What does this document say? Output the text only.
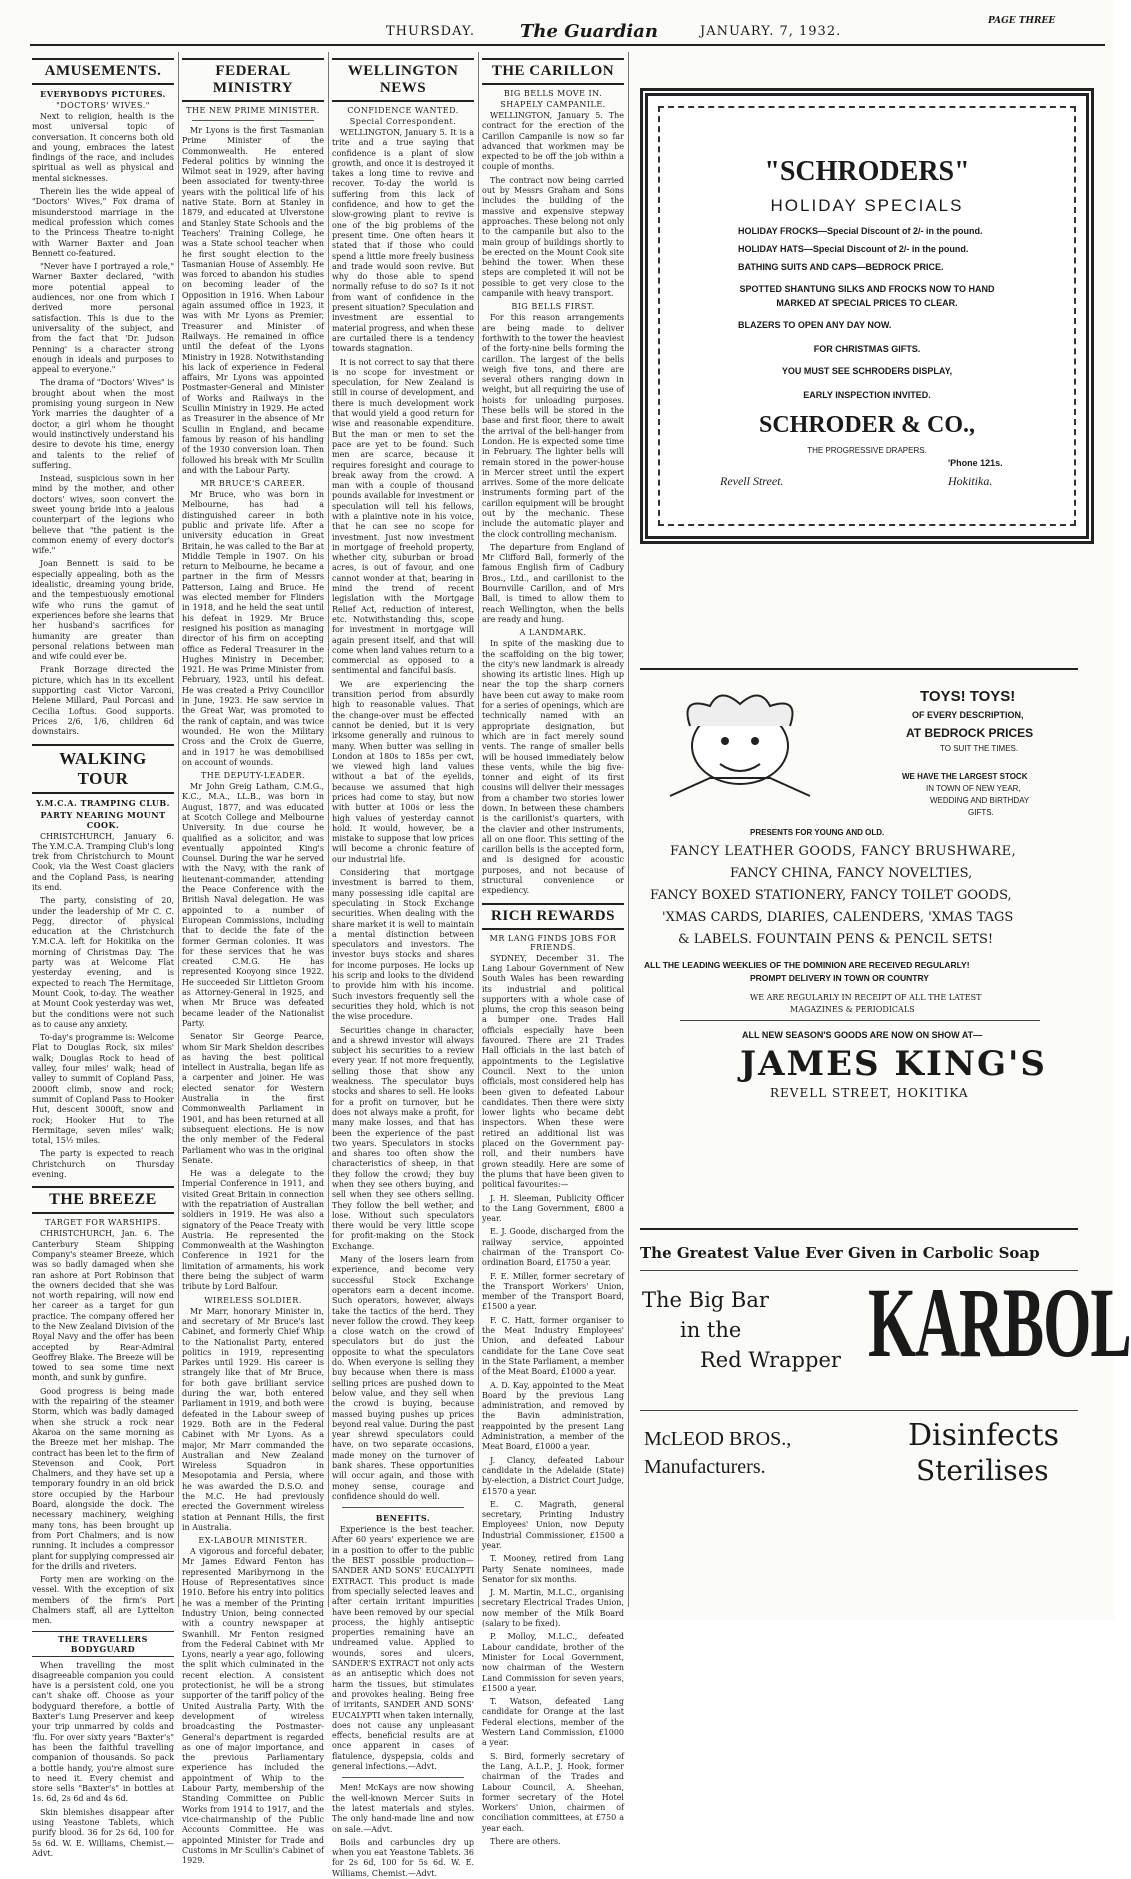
THURSDAY.	The Guardian	JANUARY. 7, 1932.
PAGE THREE
AMUSEMENTS.
EVERYBODYS PICTURES.
"DOCTORS' WIVES."

Next to religion, health is the most universal topic of conversation. It concerns both old and young, embraces the latest findings of the race, and includes spiritual as well as physical and mental sicknesses.

Therein lies the wide appeal of "Doctors' Wives," Fox drama of misunderstood marriage in the medical profession which comes to the Princess Theatre to-night with Warner Baxter and Joan Bennett co-featured.

"Never have I portrayed a role," Warner Baxter declared, "with more potential appeal to audiences, nor one from which I derived more personal satisfaction. This is due to the universality of the subject, and from the fact that 'Dr. Judson Penning' is a character strong enough in ideals and purposes to appeal to everyone."

The drama of "Doctors' Wives" is brought about when the most promising young surgeon in New York marries the daughter of a doctor, a girl whom he thought would instinctively understand his desire to devote his time, energy and talents to the relief of suffering.

Instead, suspicious sown in her mind by the mother, and other doctors' wives, soon convert the sweet young bride into a jealous counterpart of the legions who believe that "the patient is the common enemy of every doctor's wife."

Joan Bennett is said to be especially appealing, both as the idealistic, dreaming young bride, and the tempestuously emotional wife who runs the gamut of experiences before she learns that her husband's sacrifices for humanity are greater than personal relations between man and wife could ever be.

Frank Borzage directed the picture, which has in its excellent supporting cast Victor Varconi, Helene Millard, Paul Porcasi and Cecilia Loftus. Good supports. Prices 2/6, 1/6, children 6d downstairs.

WALKING TOUR
Y.M.C.A. TRAMPING CLUB.
PARTY NEARING MOUNT COOK.

CHRISTCHURCH, January 6. The Y.M.C.A. Tramping Club's long trek from Christchurch to Mount Cook, via the West Coast glaciers and the Copland Pass, is nearing its end.

The party, consisting of 20, under the leadership of Mr C. C. Pegg, director of physical education at the Christchurch Y.M.C.A. left for Hokitika on the morning of Christmas Day. The party was at Welcome Flat yesterday evening, and is expected to reach The Hermitage, Mount Cook, to-day. The weather at Mount Cook yesterday was wet, but the conditions were not such as to cause any anxiety.

To-day's programme is: Welcome Flat to Douglas Rock, six miles' walk; Douglas Rock to head of valley, four miles' walk; head of valley to summit of Copland Pass, 2000ft climb, snow and rock; summit of Copland Pass to Hooker Hut, descent 3000ft, snow and rock; Hooker Hut to The Hermitage, seven miles' walk; total, 15½ miles.

The party is expected to reach Christchurch on Thursday evening.

THE BREEZE
TARGET FOR WARSHIPS.

CHRISTCHURCH, Jan. 6. The Canterbury Steam Shipping Company's steamer Breeze, which was so badly damaged when she ran ashore at Port Robinson that the owners decided that she was not worth repairing, will now end her career as a target for gun practice. The company offered her to the New Zealand Division of the Royal Navy and the offer has been accepted by Rear-Admiral Geoffrey Blake. The Breeze will be towed to sea some time next month, and sunk by gunfire.

Good progress is being made with the repairing of the steamer Storm, which was badly damaged when she struck a rock near Akaroa on the same morning as the Breeze met her mishap. The contract has been let to the firm of Stevenson and Cook, Port Chalmers, and they have set up a temporary foundry in an old brick store occupied by the Harbour Board, alongside the dock. The necessary machinery, weighing many tons, has been brought up from Port Chalmers, and is now running. It includes a compressor plant for supplying compressed air for the drills and riveters.

Forty men are working on the vessel. With the exception of six members of the firm's Port Chalmers staff, all are Lyttelton men.

THE TRAVELLERS BODYGUARD

When travelling the most disagreeable companion you could have is a persistent cold, one you can't shake off. Choose as your bodyguard therefore, a bottle of Baxter's Lung Preserver and keep your trip unmarred by colds and 'flu. For over sixty years "Baxter's" has been the faithful travelling companion of thousands. So pack a bottle handy, you're almost sure to need it. Every chemist and store sells "Baxter's" in bottles at 1s. 6d, 2s 6d and 4s 6d.

Skin blemishes disappear after using Yeastone Tablets, which purify blood. 36 for 2s 6d, 100 for 5s 6d. W. E. Williams, Chemist.—Advt.

FEDERAL MINISTRY
THE NEW PRIME MINISTER.

Mr Lyons is the first Tasmanian Prime Minister of the Commonwealth. He entered Federal politics by winning the Wilmot seat in 1929, after having been associated for twenty-three years with the political life of his native State. Born at Stanley in 1879, and educated at Ulverstone and Stanley State Schools and the Teachers' Training College, he was a State school teacher when he first sought election to the Tasmanian House of Assembly. He was forced to abandon his studies on becoming leader of the Opposition in 1916. When Labour again assumed office in 1923, it was with Mr Lyons as Premier, Treasurer and Minister of Railways. He remained in office until the defeat of the Lyons Ministry in 1928. Notwithstanding his lack of experience in Federal affairs, Mr Lyons was appointed Postmaster-General and Minister of Works and Railways in the Scullin Ministry in 1929. He acted as Treasurer in the absence of Mr Scullin in England, and became famous by reason of his handling of the 1930 conversion loan. Then followed his break with Mr Scullin and with the Labour Party.

MR BRUCE'S CAREER.

Mr Bruce, who was born in Melbourne, has had a distinguished career in both public and private life. After a university education in Great Britain, he was called to the Bar at Middle Temple in 1907. On his return to Melbourne, he became a partner in the firm of Messrs Patterson, Laing and Bruce. He was elected member for Flinders in 1918, and he held the seat until his defeat in 1929. Mr Bruce resigned his position as managing director of his firm on accepting office as Federal Treasurer in the Hughes Ministry in December, 1921. He was Prime Minister from February, 1923, until his defeat. He was created a Privy Councillor in June, 1923. He saw service in the Great War, was promoted to the rank of captain, and was twice wounded. He won the Military Cross and the Croix de Guerre, and in 1917 he was demobilised on account of wounds.

THE DEPUTY-LEADER.

Mr John Greig Latham, C.M.G., K.C., M.A., LL.B., was born in August, 1877, and was educated at Scotch College and Melbourne University. In due course he qualified as a solicitor, and was eventually appointed King's Counsel. During the war he served with the Navy, with the rank of lieutenant-commander, attending the Peace Conference with the British Naval delegation. He was appointed to a number of European Commissions, including that to decide the fate of the former German colonies. It was for these services that he was created C.M.G. He has represented Kooyong since 1922. He succeeded Sir Littleton Groom as Attorney-General in 1925, and when Mr Bruce was defeated became leader of the Nationalist Party.

Senator Sir George Pearce, whom Sir Mark Sheldon describes as having the best political intellect in Australia, began life as a carpenter and joiner. He was elected senator for Western Australia in the first Commonwealth Parliament in 1901, and has been returned at all subsequent elections. He is now the only member of the Federal Parliament who was in the original Senate.

He was a delegate to the Imperial Conference in 1911, and visited Great Britain in connection with the repatriation of Australian soldiers in 1919. He was also a signatory of the Peace Treaty with Austria. He represented the Commonwealth at the Washington Conference in 1921 for the limitation of armaments, his work there being the subject of warm tribute by Lord Balfour.

WIRELESS SOLDIER.

Mr Marr, honorary Minister in, and secretary of Mr Bruce's last Cabinet, and formerly Chief Whip to the Nationalist Party, entered politics in 1919, representing Parkes until 1929. His career is strangely like that of Mr Bruce, for both gave brilliant service during the war, both entered Parliament in 1919, and both were defeated in the Labour sweep of 1929. Both are in the Federal Cabinet with Mr Lyons. As a major, Mr Marr commanded the Australian and New Zealand Wireless Squadron in Mesopotamia and Persia, where he was awarded the D.S.O. and the M.C. He had previously erected the Government wireless station at Pennant Hills, the first in Australia.

EX-LABOUR MINISTER.

A vigorous and forceful debater, Mr James Edward Fenton has represented Maribyrnong in the House of Representatives since 1910. Before his entry into politics he was a member of the Printing Industry Union, being connected with a country newspaper at Swanhill. Mr Fenton resigned from the Federal Cabinet with Mr Lyons, nearly a year ago, following the split which culminated in the recent election. A consistent protectionist, he will be a strong supporter of the tariff policy of the United Australia Party. With the development of wireless broadcasting the Postmaster-General's department is regarded as one of major importance, and the previous Parliamentary experience has included the appointment of Whip to the Labour Party, membership of the Standing Committee on Public Works from 1914 to 1917, and the vice-chairmanship of the Public Accounts Committee. He was appointed Minister for Trade and Customs in Mr Scullin's Cabinet of 1929.

WELLINGTON NEWS
CONFIDENCE WANTED.
Special Correspondent.

WELLINGTON, January 5. It is a trite and a true saying that confidence is a plant of slow growth, and once it is destroyed it takes a long time to revive and recover. To-day the world is suffering from this lack of confidence, and how to get the slow-growing plant to revive is one of the big problems of the present time. One often hears it stated that if those who could spend a little more freely business and trade would soon revive. But why do those able to spend normally refuse to do so? Is it not from want of confidence in the present situation? Speculation and investment are essential to material progress, and when these are curtailed there is a tendency towards stagnation.

It is not correct to say that there is no scope for investment or speculation, for New Zealand is still in course of development, and there is much development work that would yield a good return for wise and reasonable expenditure. But the man or men to set the pace are yet to be found. Such men are scarce, because it requires foresight and courage to break away from the crowd. A man with a couple of thousand pounds available for investment or speculation will tell his fellows, with a plaintive note in his voice, that he can see no scope for investment. Just now investment in mortgage of freehold property, whether city, suburban or broad acres, is out of favour, and one cannot wonder at that, bearing in mind the trend of recent legislation with the Mortgage Relief Act, reduction of interest, etc. Notwithstanding this, scope for investment in mortgage will again present itself, and that will come when land values return to a commercial as opposed to a sentimental and fanciful basis.

We are experiencing the transition period from absurdly high to reasonable values. That the change-over must be effected cannot be denied, but it is very irksome generally and ruinous to many. When butter was selling in London at 180s to 185s per cwt, we viewed high land values without a bat of the eyelids, because we assumed that high prices had come to stay, but now with butter at 100s or less the high values of yesterday cannot hold. It would, however, be a mistake to suppose that low prices will become a chronic feature of our industrial life.

Considering that mortgage investment is barred to them, many possessing idle capital are speculating in Stock Exchange securities. When dealing with the share market it is well to maintain a mental distinction between speculators and investors. The investor buys stocks and shares for income purposes. He locks up his scrip and looks to the dividend to provide him with his income. Such investors frequently sell the securities they hold, which is not the wise procedure.

Securities change in character, and a shrewd investor will always subject his securities to a review every year. If not more frequently, selling those that show any weakness. The speculator buys stocks and shares to sell. He looks for a profit on turnover, but he does not always make a profit, for many make losses, and that has been the experience of the past two years. Speculators in stocks and shares too often show the characteristics of sheep, in that they follow the crowd; they buy when they see others buying, and sell when they see others selling. They follow the bell wether, and lose. Without such speculators there would be very little scope for profit-making on the Stock Exchange.

Many of the losers learn from experience, and become very successful Stock Exchange operators earn a decent income. Such operators, however, always take the tactics of the herd. They never follow the crowd. They keep a close watch on the crowd of speculators but do just the opposite to what the speculators do. When everyone is selling they buy because when there is mass selling prices are pushed down to below value, and they sell when the crowd is buying, because massed buying pushes up prices beyond real value. During the past year shrewd speculators could have, on two separate occasions, made money on the turnover of bank shares. These opportunities will occur again, and those with money sense, courage and confidence should do well.

BENEFITS.

Experience is the best teacher. After 60 years' experience we are in a position to offer to the public the BEST possible production—SANDER AND SONS' EUCALYPTI EXTRACT. This product is made from specially selected leaves and after certain irritant impurities have been removed by our special process, the highly antiseptic properties remaining have an undreamed value. Applied to wounds, sores and ulcers, SANDER'S EXTRACT not only acts as an antiseptic which does not harm the tissues, but stimulates and provokes healing. Being free of irritants, SANDER AND SONS' EUCALYPTI when taken internally, does not cause any unpleasant effects, beneficial results are at once apparent in cases of flatulence, dyspepsia, colds and general infections.—Advt.

Men! McKays are now showing the well-known Mercer Suits in the latest materials and styles. The only hand-made line and now on sale.—Advt.

Boils and carbuncles dry up when you eat Yeastone Tablets. 36 for 2s 6d, 100 for 5s 6d. W. E. Williams, Chemist.—Advt.

THE CARILLON
BIG BELLS MOVE IN.
SHAPELY CAMPANILE.

WELLINGTON, January 5. The contract for the erection of the Carillon Campanile is now so far advanced that workmen may be expected to be off the job within a couple of months.

The contract now being carried out by Messrs Graham and Sons includes the building of the massive and expensive stepway approaches. These belong not only to the campanile but also to the main group of buildings shortly to be erected on the Mount Cook site behind the tower. When these steps are completed it will not be possible to get very close to the campanile with heavy transport.

BIG BELLS FIRST.

For this reason arrangements are being made to deliver forthwith to the tower the heaviest of the forty-nine bells forming the carillon. The largest of the bells weigh five tons, and there are several others ranging down in weight, but all requiring the use of hoists for unloading purposes. These bells will be stored in the base and first floor, there to await the arrival of the bell-hanger from London. He is expected some time in February. The lighter bells will remain stored in the power-house in Mercer street until the expert arrives. Some of the more delicate instruments forming part of the carillon equipment will be brought out by the mechanic. These include the automatic player and the clock controlling mechanism.

The departure from England of Mr Clifford Ball, formerly of the famous English firm of Cadbury Bros., Ltd., and carillonist to the Bournville Carillon, and of Mrs Ball, is timed to allow them to reach Wellington, when the bells are ready and hung.

A LANDMARK.

In spite of the masking due to the scaffolding on the big tower, the city's new landmark is already showing its artistic lines. High up near the top the sharp corners have been cut away to make room for a series of openings, which are technically named with an appropriate designation, but which are in fact merely sound vents. The range of smaller bells will be housed immediately below these vents, while the big five-tonner and eight of its first cousins will deliver their messages from a chamber two stories lower down. In between these chambers is the carillonist's quarters, with the clavier and other instruments, all on one floor. This setting of the carillon bells is the accepted form, and is designed for acoustic purposes, and not because of structural convenience or expediency.

RICH REWARDS
MR LANG FINDS JOBS FOR FRIENDS.

SYDNEY, December 31. The Lang Labour Government of New South Wales has been rewarding its industrial and political supporters with a whole case of plums, the crop this season being a bumper one. Trades Hall officials especially have been favoured. There are 21 Trades Hall officials in the last batch of appointments to the Legislative Council. Next to the union officials, most considered help has been given to defeated Labour candidates. Then there were sixty lower lights who became debt inspectors. When these were retired an additional list was placed on the Government pay-roll, and their numbers have grown steadily. Here are some of the plums that have been given to political favourites:—

J. H. Sleeman, Publicity Officer to the Lang Government, £800 a year.

E. J. Goode, discharged from the railway service, appointed chairman of the Transport Co-ordination Board, £1750 a year.

F. E. Miller, former secretary of the Transport Workers' Union, member of the Transport Board, £1500 a year.

F. C. Hatt, former organiser to the Meat Industry Employees' Union, and defeated Labour candidate for the Lane Cove seat in the State Parliament, a member of the Meat Board, £1000 a year.

A. D. Kay, appointed to the Meat Board by the previous Lang administration, and removed by the Bavin administration, reappointed by the present Lang Administration, a member of the Meat Board, £1000 a year.

J. Clancy, defeated Labour candidate in the Adelaide (State) by-election, a District Court Judge, £1570 a year.

E. C. Magrath, general secretary, Printing Industry Employees' Union, now Deputy Industrial Commissioner, £1500 a year.

T. Mooney, retired from Lang Party Senate nominees, made Senator for six months.

J. M. Martin, M.L.C., organising secretary Electrical Trades Union, now member of the Milk Board (salary to be fixed).

P. Molloy, M.L.C., defeated Labour candidate, brother of the Minister for Local Government, now chairman of the Western Land Commission for seven years, £1500 a year.

T. Watson, defeated Lang candidate for Orange at the last Federal elections, member of the Western Land Commission, £1000 a year.

S. Bird, formerly secretary of the Lang, A.L.P., J. Hook, former chairman of the Trades and Labour Council, A. Sheehan, former secretary of the Hotel Workers' Union, chairmen of conciliation committees, at £750 a year each.

There are others.

"SCHRODERS"
HOLIDAY SPECIALS
HOLIDAY FROCKS—Special Discount of 2/- in the pound.
HOLIDAY HATS—Special Discount of 2/- in the pound.
BATHING SUITS AND CAPS—BEDROCK PRICE.
SPOTTED SHANTUNG SILKS AND FROCKS NOW TO HAND
MARKED AT SPECIAL PRICES TO CLEAR.
BLAZERS TO OPEN ANY DAY NOW.
FOR CHRISTMAS GIFTS.
YOU MUST SEE SCHRODERS DISPLAY,
EARLY INSPECTION INVITED.
SCHRODER & CO.,
THE PROGRESSIVE DRAPERS.
'Phone 121s.
Revell Street.	Hokitika.
TOYS! TOYS!
OF EVERY DESCRIPTION,
AT BEDROCK PRICES
TO SUIT THE TIMES.
WE HAVE THE LARGEST STOCK
IN TOWN OF NEW YEAR,
WEDDING AND BIRTHDAY
GIFTS.
PRESENTS FOR YOUNG AND OLD.
FANCY LEATHER GOODS, FANCY BRUSHWARE,
FANCY CHINA, FANCY NOVELTIES,
FANCY BOXED STATIONERY, FANCY TOILET GOODS,
'XMAS CARDS, DIARIES, CALENDERS, 'XMAS TAGS
& LABELS. FOUNTAIN PENS & PENCIL SETS!
ALL THE LEADING WEEKLIES OF THE DOMINION ARE RECEIVED REGULARLY!
PROMPT DELIVERY IN TOWN OR COUNTRY
WE ARE REGULARLY IN RECEIPT OF ALL THE LATEST
MAGAZINES & PERIODICALS
ALL NEW SEASON'S GOODS ARE NOW ON SHOW AT—
JAMES KING'S
REVELL STREET, HOKITIKA
The Greatest Value Ever Given in Carbolic Soap
The Big Bar
in the
Red Wrapper KARBOL
McLEOD BROS.,
Manufacturers.
Disinfects
Sterilises
